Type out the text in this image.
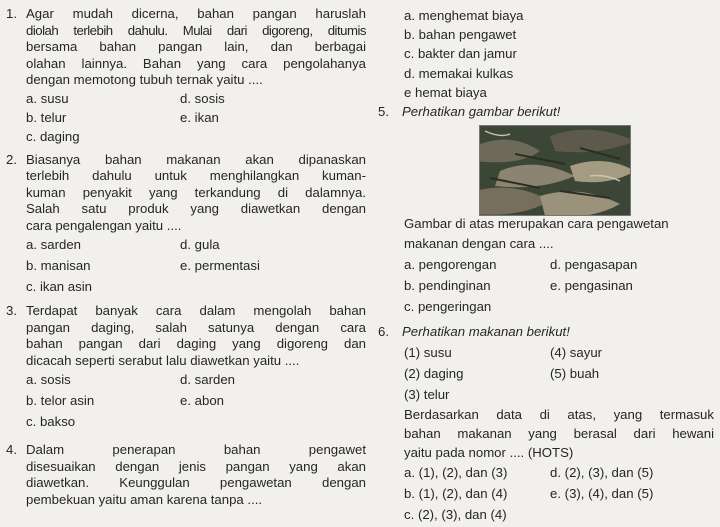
1. Agar mudah dicerna, bahan pangan haruslah
diolah terlebih dahulu. Mulai dari digoreng, ditumis
bersama bahan pangan lain, dan berbagai
olahan lainnya. Bahan yang cara pengolahanya
dengan memotong tubuh ternak yaitu ....
a. susu	d. sosis
b. telur	e. ikan
c. daging
2. Biasanya bahan makanan akan dipanaskan
terlebih dahulu untuk menghilangkan kuman-
kuman penyakit yang terkandung di dalamnya.
Salah satu produk yang diawetkan dengan
cara pengalengan yaitu ....
a. sarden	d. gula
b. manisan	e. permentasi
c. ikan asin
3. Terdapat banyak cara dalam mengolah bahan
pangan daging, salah satunya dengan cara
bahan pangan dari daging yang digoreng dan
dicacah seperti serabut lalu diawetkan yaitu ....
a. sosis	d. sarden
b. telor asin	e. abon
c. bakso
4. Dalam penerapan bahan pengawet
disesuaikan dengan jenis pangan yang akan
diawetkan. Keunggulan pengawetan dengan
pembekuan yaitu aman karena tanpa ....
a. menghemat biaya
b. bahan pengawet
c. bakter dan jamur
d. memakai kulkas
e hemat biaya
5. Perhatikan gambar berikut!
Gambar di atas merupakan cara pengawetan
makanan dengan cara ....
a. pengorengan	d. pengasapan
b. pendinginan	e. pengasinan
c. pengeringan
6. Perhatikan makanan berikut!
(1) susu	(4) sayur
(2) daging	(5) buah
(3) telur
Berdasarkan data di atas, yang termasuk
bahan makanan yang berasal dari hewani
yaitu pada nomor .... (HOTS)
a. (1), (2), dan (3)	d. (2), (3), dan (5)
b. (1), (2), dan (4)	e. (3), (4), dan (5)
c. (2), (3), dan (4)
